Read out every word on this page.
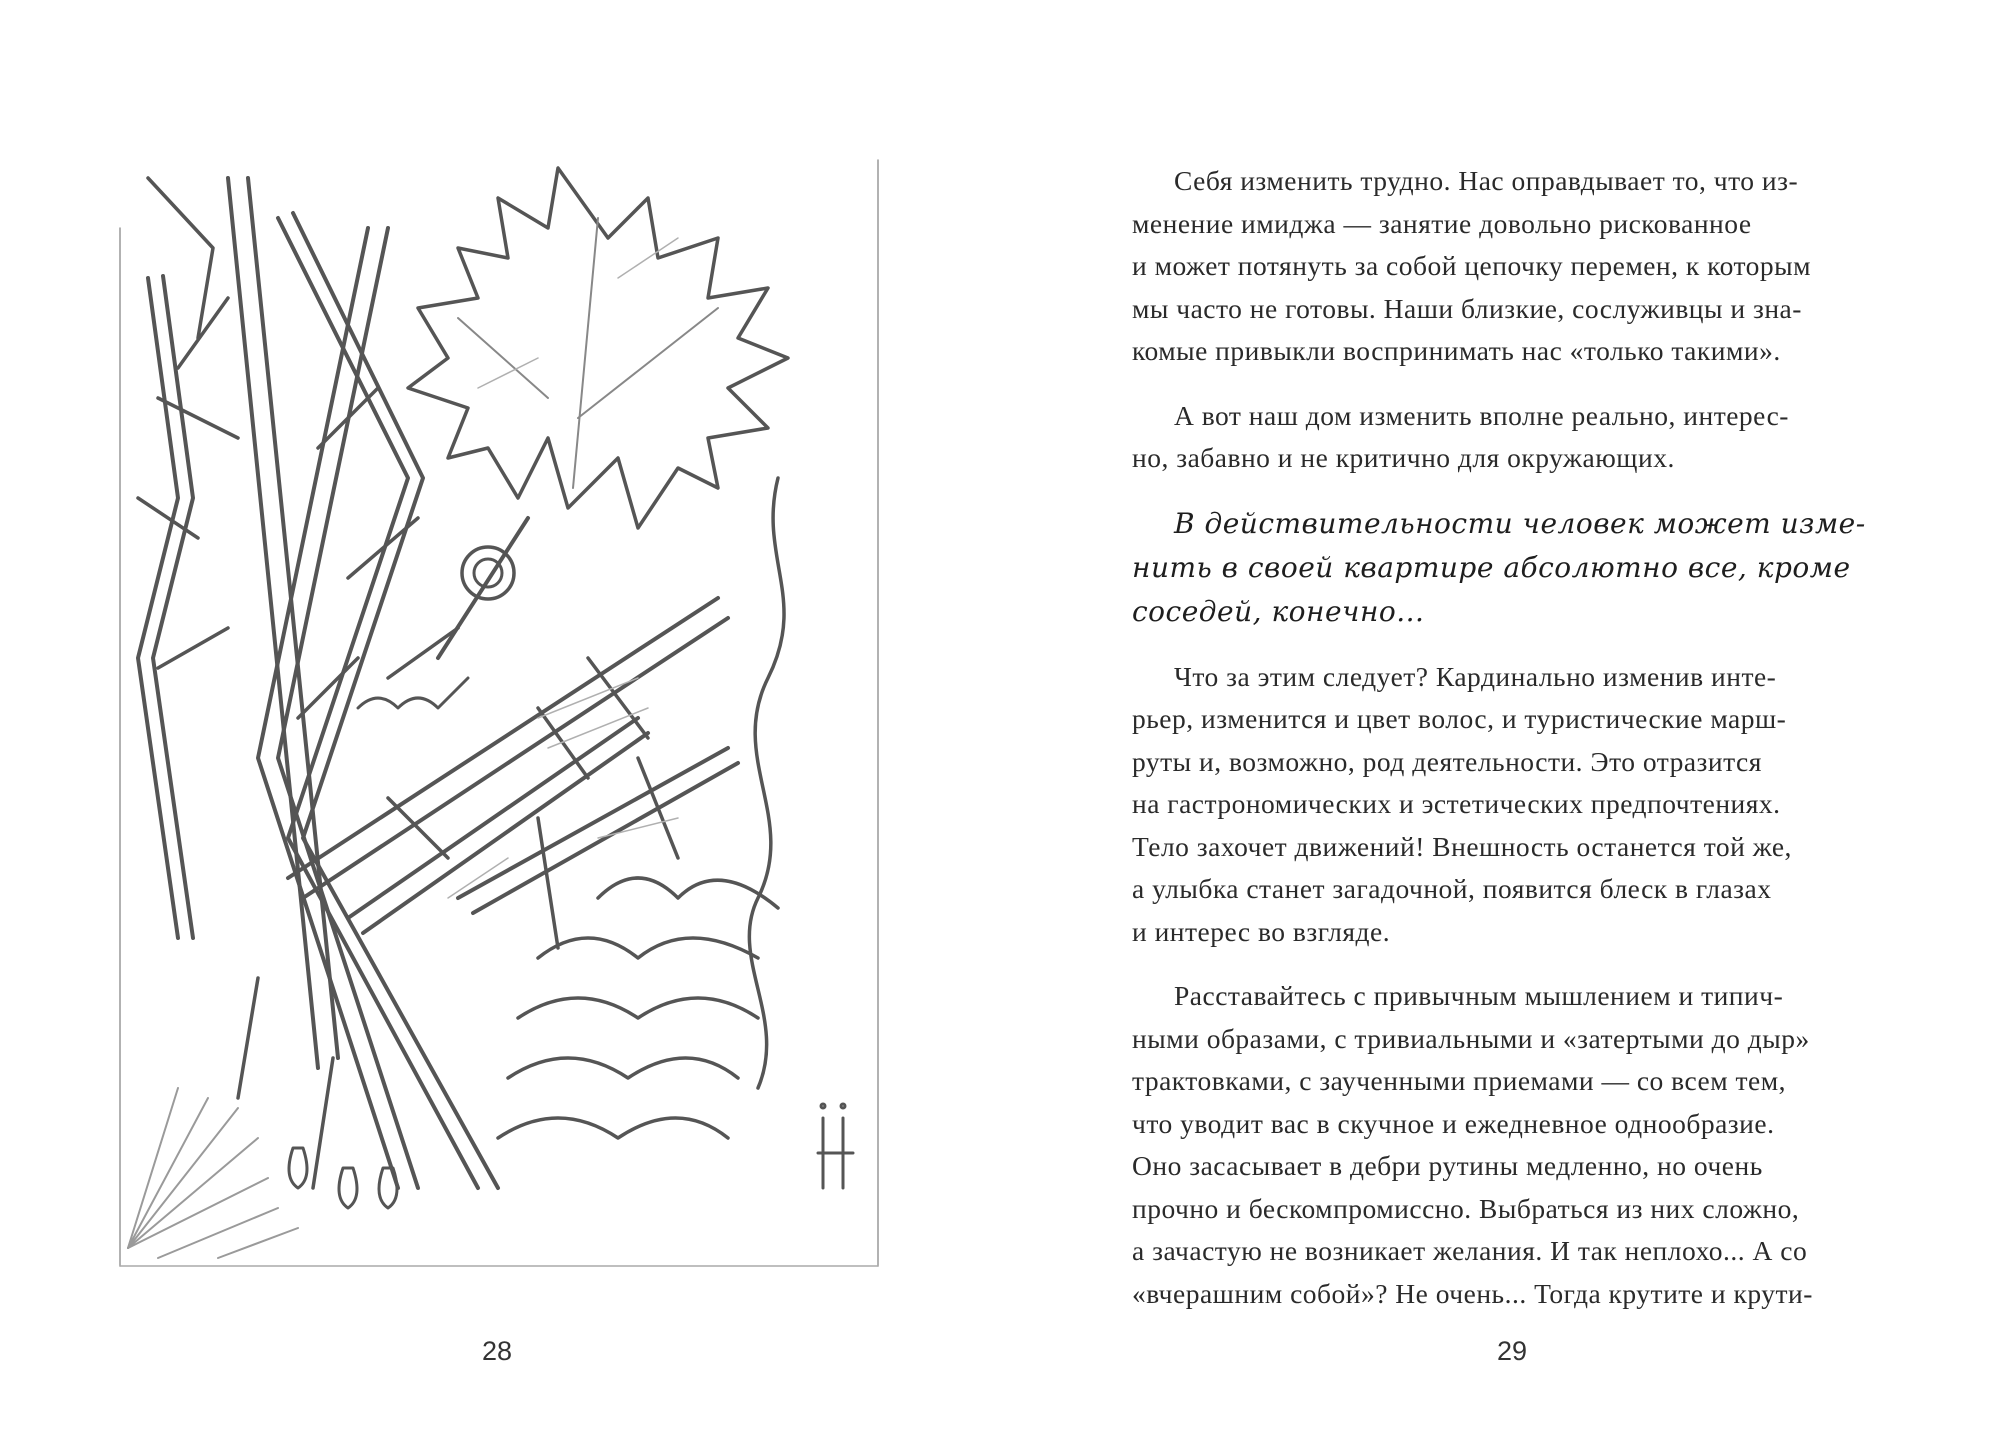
28
Себя изменить трудно. Нас оправдывает то, что из-
менение имиджа — занятие довольно рискованное
и может потянуть за собой цепочку перемен, к которым
мы часто не готовы. Наши близкие, сослуживцы и зна-
комые привыкли воспринимать нас «только такими».
А вот наш дом изменить вполне реально, интерес-
но, забавно и не критично для окружающих.
В действительности человек может изме-
нить в своей квартире абсолютно все, кроме
соседей, конечно...
Что за этим следует? Кардинально изменив инте-
рьер, изменится и цвет волос, и туристические марш-
руты и, возможно, род деятельности. Это отразится
на гастрономических и эстетических предпочтениях.
Тело захочет движений! Внешность останется той же,
а улыбка станет загадочной, появится блеск в глазах
и интерес во взгляде.
Расставайтесь с привычным мышлением и типич-
ными образами, с тривиальными и «затертыми до дыр»
трактовками, с заученными приемами — со всем тем,
что уводит вас в скучное и ежедневное однообразие.
Оно засасывает в дебри рутины медленно, но очень
прочно и бескомпромиссно. Выбраться из них сложно,
а зачастую не возникает желания. И так неплохо... А со
«вчерашним собой»? Не очень... Тогда крутите и крути-
29
